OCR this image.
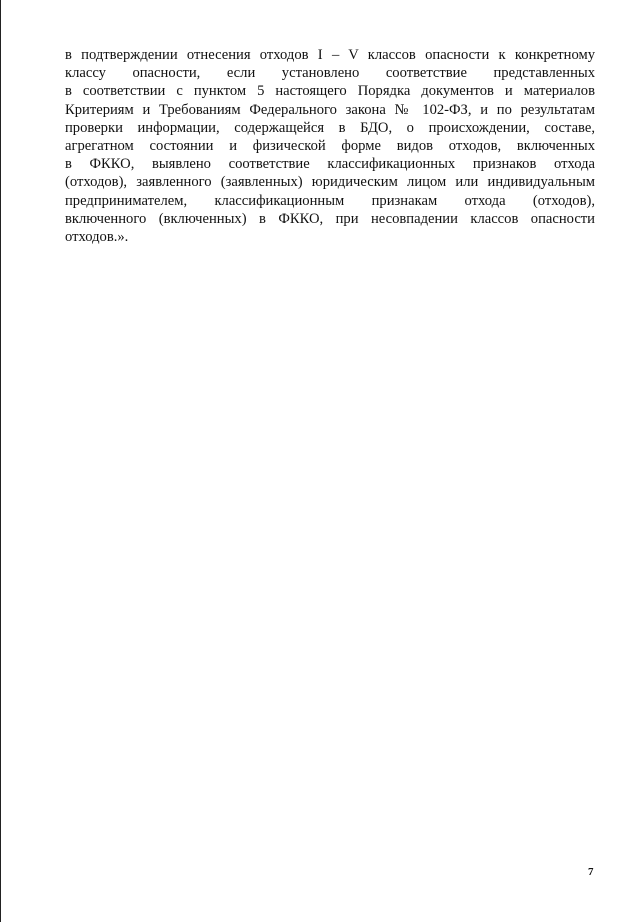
в подтверждении отнесения отходов I – V классов опасности к конкретному
классу опасности, если установлено соответствие представленных
в соответствии с пунктом 5 настоящего Порядка документов и материалов
Критериям и Требованиям Федерального закона № 102-ФЗ, и по результатам
проверки информации, содержащейся в БДО, о происхождении, составе,
агрегатном состоянии и физической форме видов отходов, включенных
в ФККО, выявлено соответствие классификационных признаков отхода
(отходов), заявленного (заявленных) юридическим лицом или индивидуальным
предпринимателем, классификационным признакам отхода (отходов),
включенного (включенных) в ФККО, при несовпадении классов опасности
отходов.».
7
